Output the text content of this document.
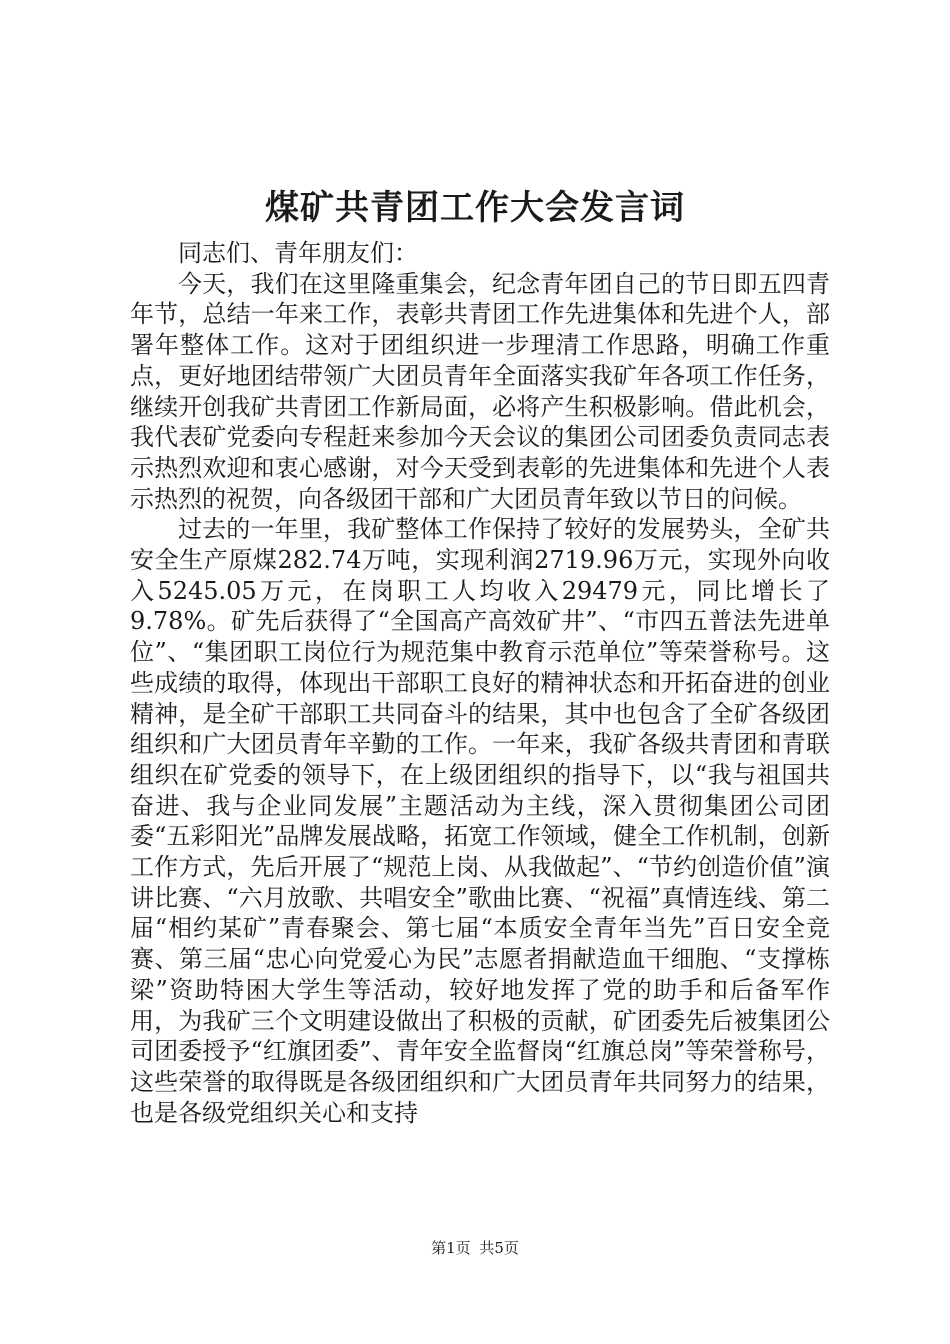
煤矿共青团工作大会发言词

同志们、青年朋友们：

今天，我们在这里隆重集会，纪念青年团自己的节日即五四青年节，总结一年来工作，表彰共青团工作先进集体和先进个人，部署年整体工作。这对于团组织进一步理清工作思路，明确工作重点，更好地团结带领广大团员青年全面落实我矿年各项工作任务，继续开创我矿共青团工作新局面，必将产生积极影响。借此机会，我代表矿党委向专程赶来参加今天会议的集团公司团委负责同志表示热烈欢迎和衷心感谢，对今天受到表彰的先进集体和先进个人表示热烈的祝贺，向各级团干部和广大团员青年致以节日的问候。

过去的一年里，我矿整体工作保持了较好的发展势头，全矿共安全生产原煤282.74万吨，实现利润2719.96万元，实现外向收入5245.05万元，在岗职工人均收入29479元，同比增长了9.78%。矿先后获得了“全国高产高效矿井”、“市四五普法先进单位”、“集团职工岗位行为规范集中教育示范单位”等荣誉称号。这些成绩的取得，体现出干部职工良好的精神状态和开拓奋进的创业精神，是全矿干部职工共同奋斗的结果，其中也包含了全矿各级团组织和广大团员青年辛勤的工作。一年来，我矿各级共青团和青联组织在矿党委的领导下，在上级团组织的指导下，以“我与祖国共奋进、我与企业同发展”主题活动为主线，深入贯彻集团公司团委“五彩阳光”品牌发展战略，拓宽工作领域，健全工作机制，创新工作方式，先后开展了“规范上岗、从我做起”、“节约创造价值”演讲比赛、“六月放歌、共唱安全”歌曲比赛、“祝福”真情连线、第二届“相约某矿”青春聚会、第七届“本质安全青年当先”百日安全竞赛、第三届“忠心向党爱心为民”志愿者捐献造血干细胞、“支撑栋梁”资助特困大学生等活动，较好地发挥了党的助手和后备军作用，为我矿三个文明建设做出了积极的贡献，矿团委先后被集团公司团委授予“红旗团委”、青年安全监督岗“红旗总岗”等荣誉称号，这些荣誉的取得既是各级团组织和广大团员青年共同努力的结果，也是各级党组织关心和支持

第1页 共5页
